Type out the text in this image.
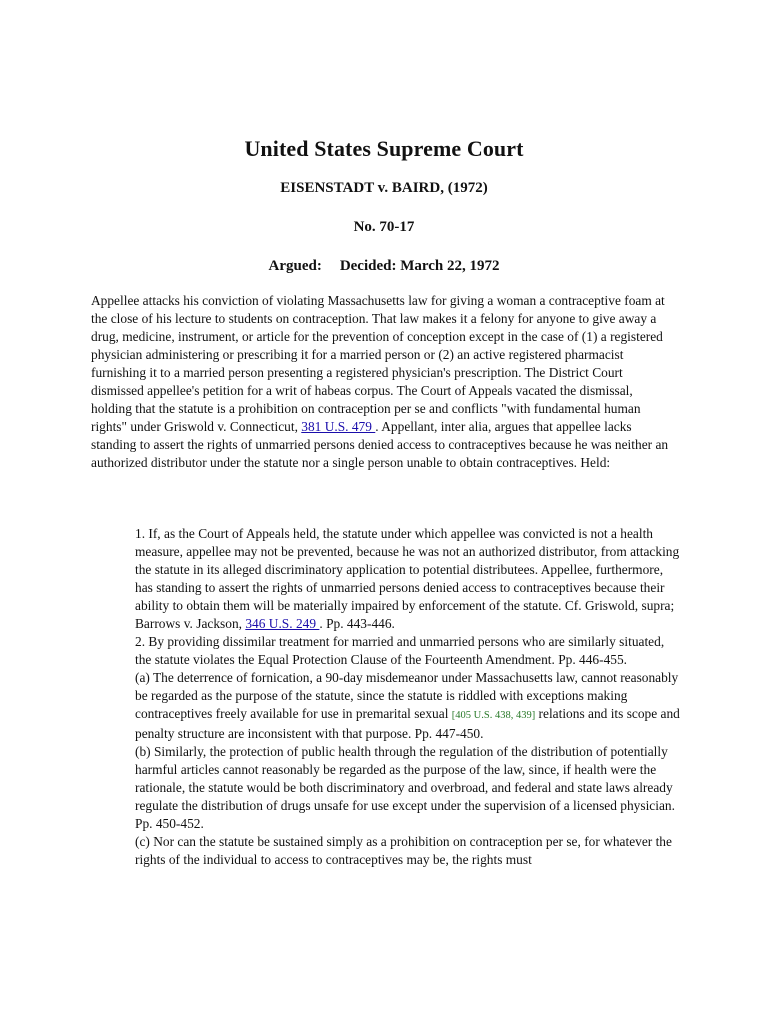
United States Supreme Court

EISENSTADT v. BAIRD, (1972)

No. 70-17

Argued: Decided: March 22, 1972

Appellee attacks his conviction of violating Massachusetts law for giving a woman a contraceptive foam at the close of his lecture to students on contraception. That law makes it a felony for anyone to give away a drug, medicine, instrument, or article for the prevention of conception except in the case of (1) a registered physician administering or prescribing it for a married person or (2) an active registered pharmacist furnishing it to a married person presenting a registered physician's prescription. The District Court dismissed appellee's petition for a writ of habeas corpus. The Court of Appeals vacated the dismissal, holding that the statute is a prohibition on contraception per se and conflicts "with fundamental human rights" under Griswold v. Connecticut, 381 U.S. 479 . Appellant, inter alia, argues that appellee lacks standing to assert the rights of unmarried persons denied access to contraceptives because he was neither an authorized distributor under the statute nor a single person unable to obtain contraceptives. Held:

1. If, as the Court of Appeals held, the statute under which appellee was convicted is not a health measure, appellee may not be prevented, because he was not an authorized distributor, from attacking the statute in its alleged discriminatory application to potential distributees. Appellee, furthermore, has standing to assert the rights of unmarried persons denied access to contraceptives because their ability to obtain them will be materially impaired by enforcement of the statute. Cf. Griswold, supra; Barrows v. Jackson, 346 U.S. 249 . Pp. 443-446.

2. By providing dissimilar treatment for married and unmarried persons who are similarly situated, the statute violates the Equal Protection Clause of the Fourteenth Amendment. Pp. 446-455.

(a) The deterrence of fornication, a 90-day misdemeanor under Massachusetts law, cannot reasonably be regarded as the purpose of the statute, since the statute is riddled with exceptions making contraceptives freely available for use in premarital sexual [405 U.S. 438, 439] relations and its scope and penalty structure are inconsistent with that purpose. Pp. 447-450.

(b) Similarly, the protection of public health through the regulation of the distribution of potentially harmful articles cannot reasonably be regarded as the purpose of the law, since, if health were the rationale, the statute would be both discriminatory and overbroad, and federal and state laws already regulate the distribution of drugs unsafe for use except under the supervision of a licensed physician. Pp. 450-452.

(c) Nor can the statute be sustained simply as a prohibition on contraception per se, for whatever the rights of the individual to access to contraceptives may be, the rights must
